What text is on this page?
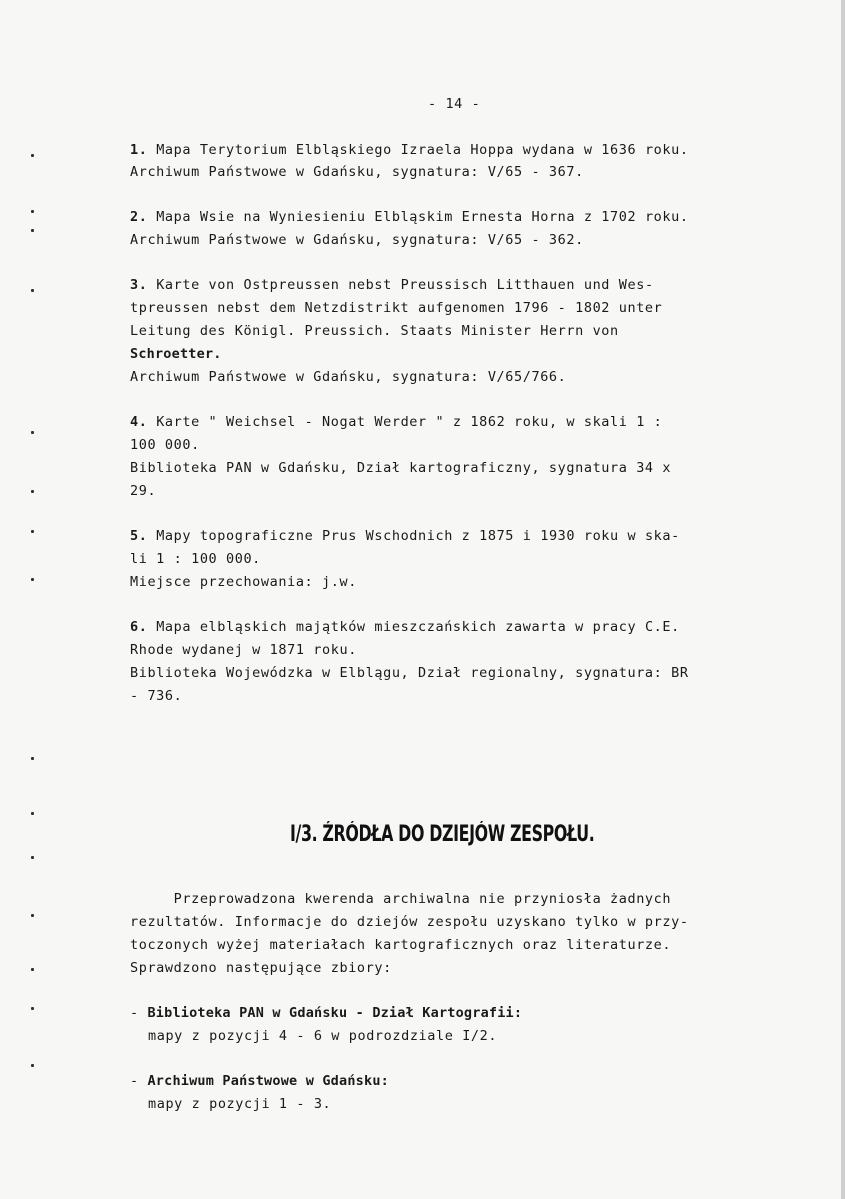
- 14 -
1. Mapa Terytorium Elbląskiego Izraela Hoppa wydana w 1636 roku.
Archiwum Państwowe w Gdańsku, sygnatura: V/65 - 367.
2. Mapa Wsie na Wyniesieniu Elbląskim Ernesta Horna z 1702 roku.
Archiwum Państwowe w Gdańsku, sygnatura: V/65 - 362.
3. Karte von Ostpreussen nebst Preussisch Litthauen und Wes-
tpreussen nebst dem Netzdistrikt aufgenomen 1796 - 1802 unter
Leitung des Königl. Preussich. Staats Minister Herrn von
Schroetter.
Archiwum Państwowe w Gdańsku, sygnatura: V/65/766.
4. Karte " Weichsel - Nogat Werder " z 1862 roku, w skali 1 :
100 000.
Biblioteka PAN w Gdańsku, Dział kartograficzny, sygnatura 34 x
29.
5. Mapy topograficzne Prus Wschodnich z 1875 i 1930 roku w ska-
li 1 : 100 000.
Miejsce przechowania: j.w.
6. Mapa elbląskich majątków mieszczańskich zawarta w pracy C.E.
Rhode wydanej w 1871 roku.
Biblioteka Wojewódzka w Elblągu, Dział regionalny, sygnatura: BR
- 736.
I/3. ŹRÓDŁA DO DZIEJÓW ZESPOŁU.
Przeprowadzona kwerenda archiwalna nie przyniosła żadnych
rezultatów. Informacje do dziejów zespołu uzyskano tylko w przy-
toczonych wyżej materiałach kartograficznych oraz literaturze.
Sprawdzono następujące zbiory:
- Biblioteka PAN w Gdańsku - Dział Kartografii:
mapy z pozycji 4 - 6 w podrozdziale I/2.
- Archiwum Państwowe w Gdańsku:
mapy z pozycji 1 - 3.
